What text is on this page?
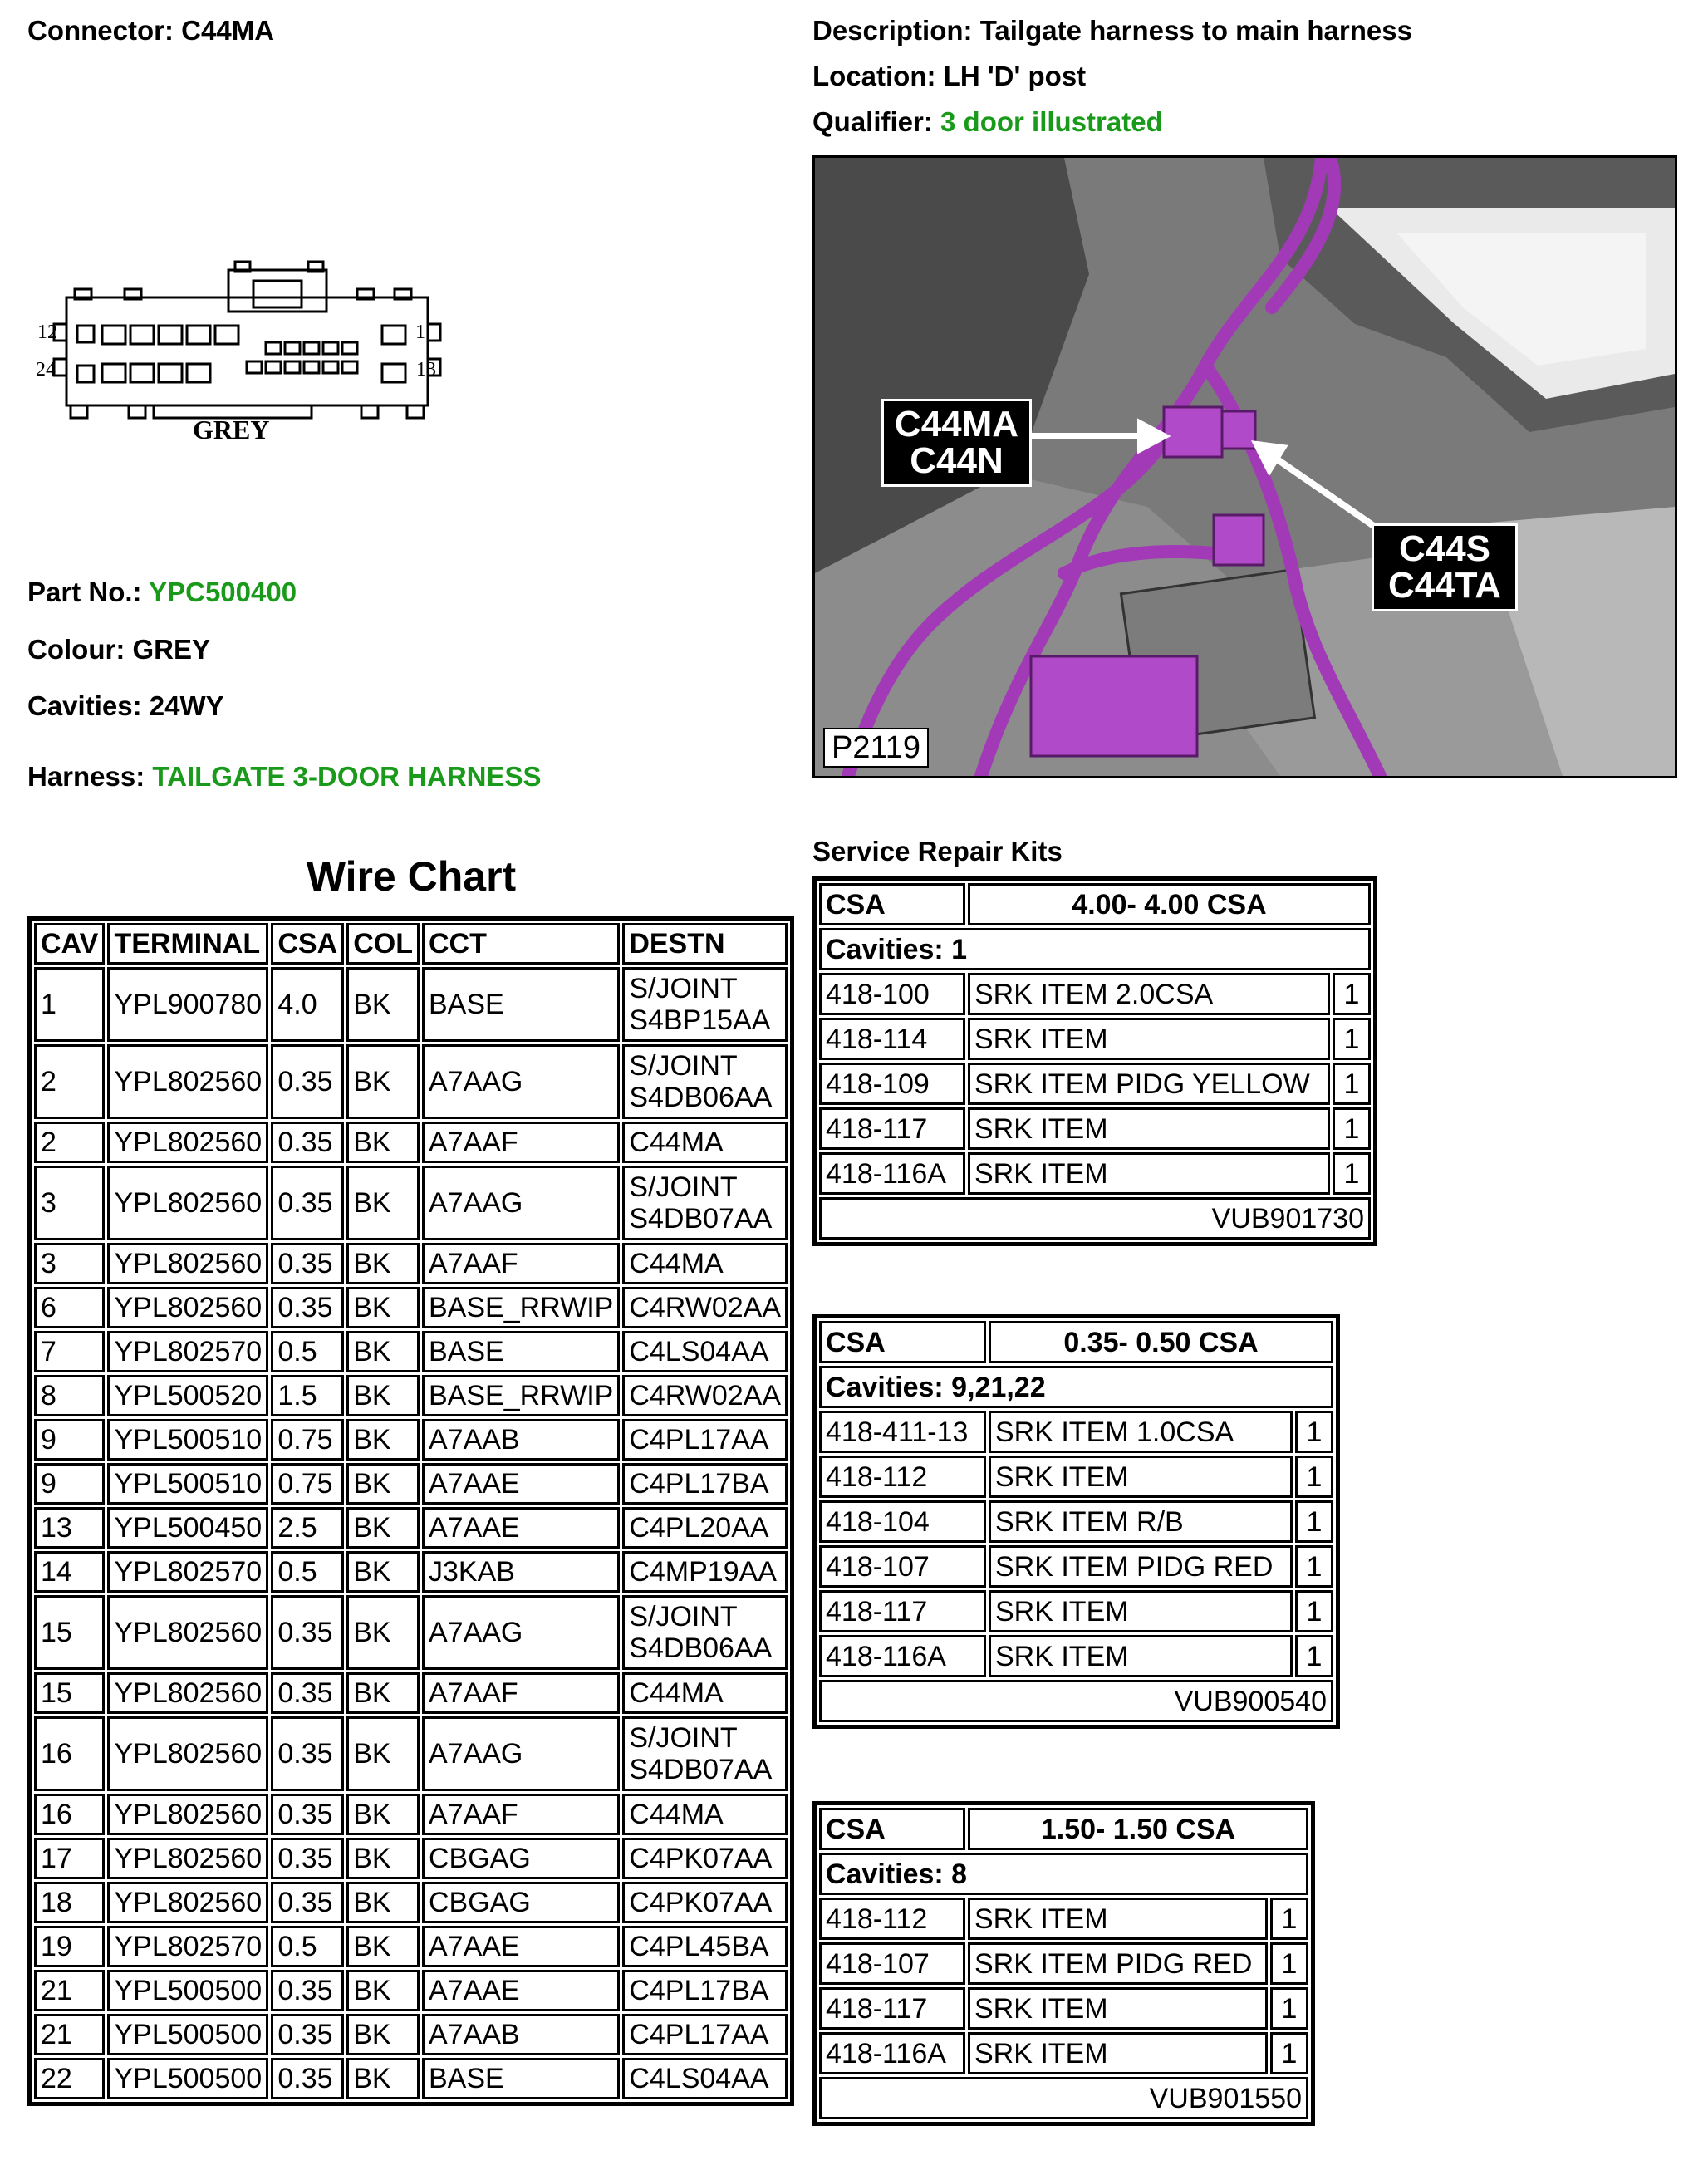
Connector: C44MA	Description: Tailgate harness to main harness
Location: LH 'D' post
Qualifier: 3 door illustrated
12
24
1
13
GREY
Part No.: YPC500400
Colour: GREY
Cavities: 24WY
Harness: TAILGATE 3-DOOR HARNESS
C44MA
C44N
C44S
C44TA
P2119
Wire Chart
CAV	TERMINAL	CSA	COL	CCT	DESTN
1	YPL900780	4.0	BK	BASE	S/JOINT
S4BP15AA

2	YPL802560	0.35	BK	A7AAG	S/JOINT
S4DB06AA

2	YPL802560	0.35	BK	A7AAF	C44MA
3	YPL802560	0.35	BK	A7AAG	S/JOINT
S4DB07AA

3	YPL802560	0.35	BK	A7AAF	C44MA
6	YPL802560	0.35	BK	BASE_RRWIP	C4RW02AA
7	YPL802570	0.5	BK	BASE	C4LS04AA
8	YPL500520	1.5	BK	BASE_RRWIP	C4RW02AA
9	YPL500510	0.75	BK	A7AAB	C4PL17AA
9	YPL500510	0.75	BK	A7AAE	C4PL17BA
13	YPL500450	2.5	BK	A7AAE	C4PL20AA
14	YPL802570	0.5	BK	J3KAB	C4MP19AA
15	YPL802560	0.35	BK	A7AAG	S/JOINT
S4DB06AA

15	YPL802560	0.35	BK	A7AAF	C44MA
16	YPL802560	0.35	BK	A7AAG	S/JOINT
S4DB07AA

16	YPL802560	0.35	BK	A7AAF	C44MA
17	YPL802560	0.35	BK	CBGAG	C4PK07AA
18	YPL802560	0.35	BK	CBGAG	C4PK07AA
19	YPL802570	0.5	BK	A7AAE	C4PL45BA
21	YPL500500	0.35	BK	A7AAE	C4PL17BA
21	YPL500500	0.35	BK	A7AAB	C4PL17AA
22	YPL500500	0.35	BK	BASE	C4LS04AA
Service Repair Kits
CSA	4.00- 4.00 CSA	
Cavities: 1		
418-100	SRK ITEM 2.0CSA	1
418-114	SRK ITEM	1
418-109	SRK ITEM PIDG YELLOW	1
418-117	SRK ITEM	1
418-116A	SRK ITEM	1
VUB901730		
CSA	0.35- 0.50 CSA	
Cavities: 9,21,22		
418-411-13	SRK ITEM 1.0CSA	1
418-112	SRK ITEM	1
418-104	SRK ITEM R/B	1
418-107	SRK ITEM PIDG RED	1
418-117	SRK ITEM	1
418-116A	SRK ITEM	1
VUB900540		
CSA	1.50- 1.50 CSA	
Cavities: 8		
418-112	SRK ITEM	1
418-107	SRK ITEM PIDG RED	1
418-117	SRK ITEM	1
418-116A	SRK ITEM	1
VUB901550		
